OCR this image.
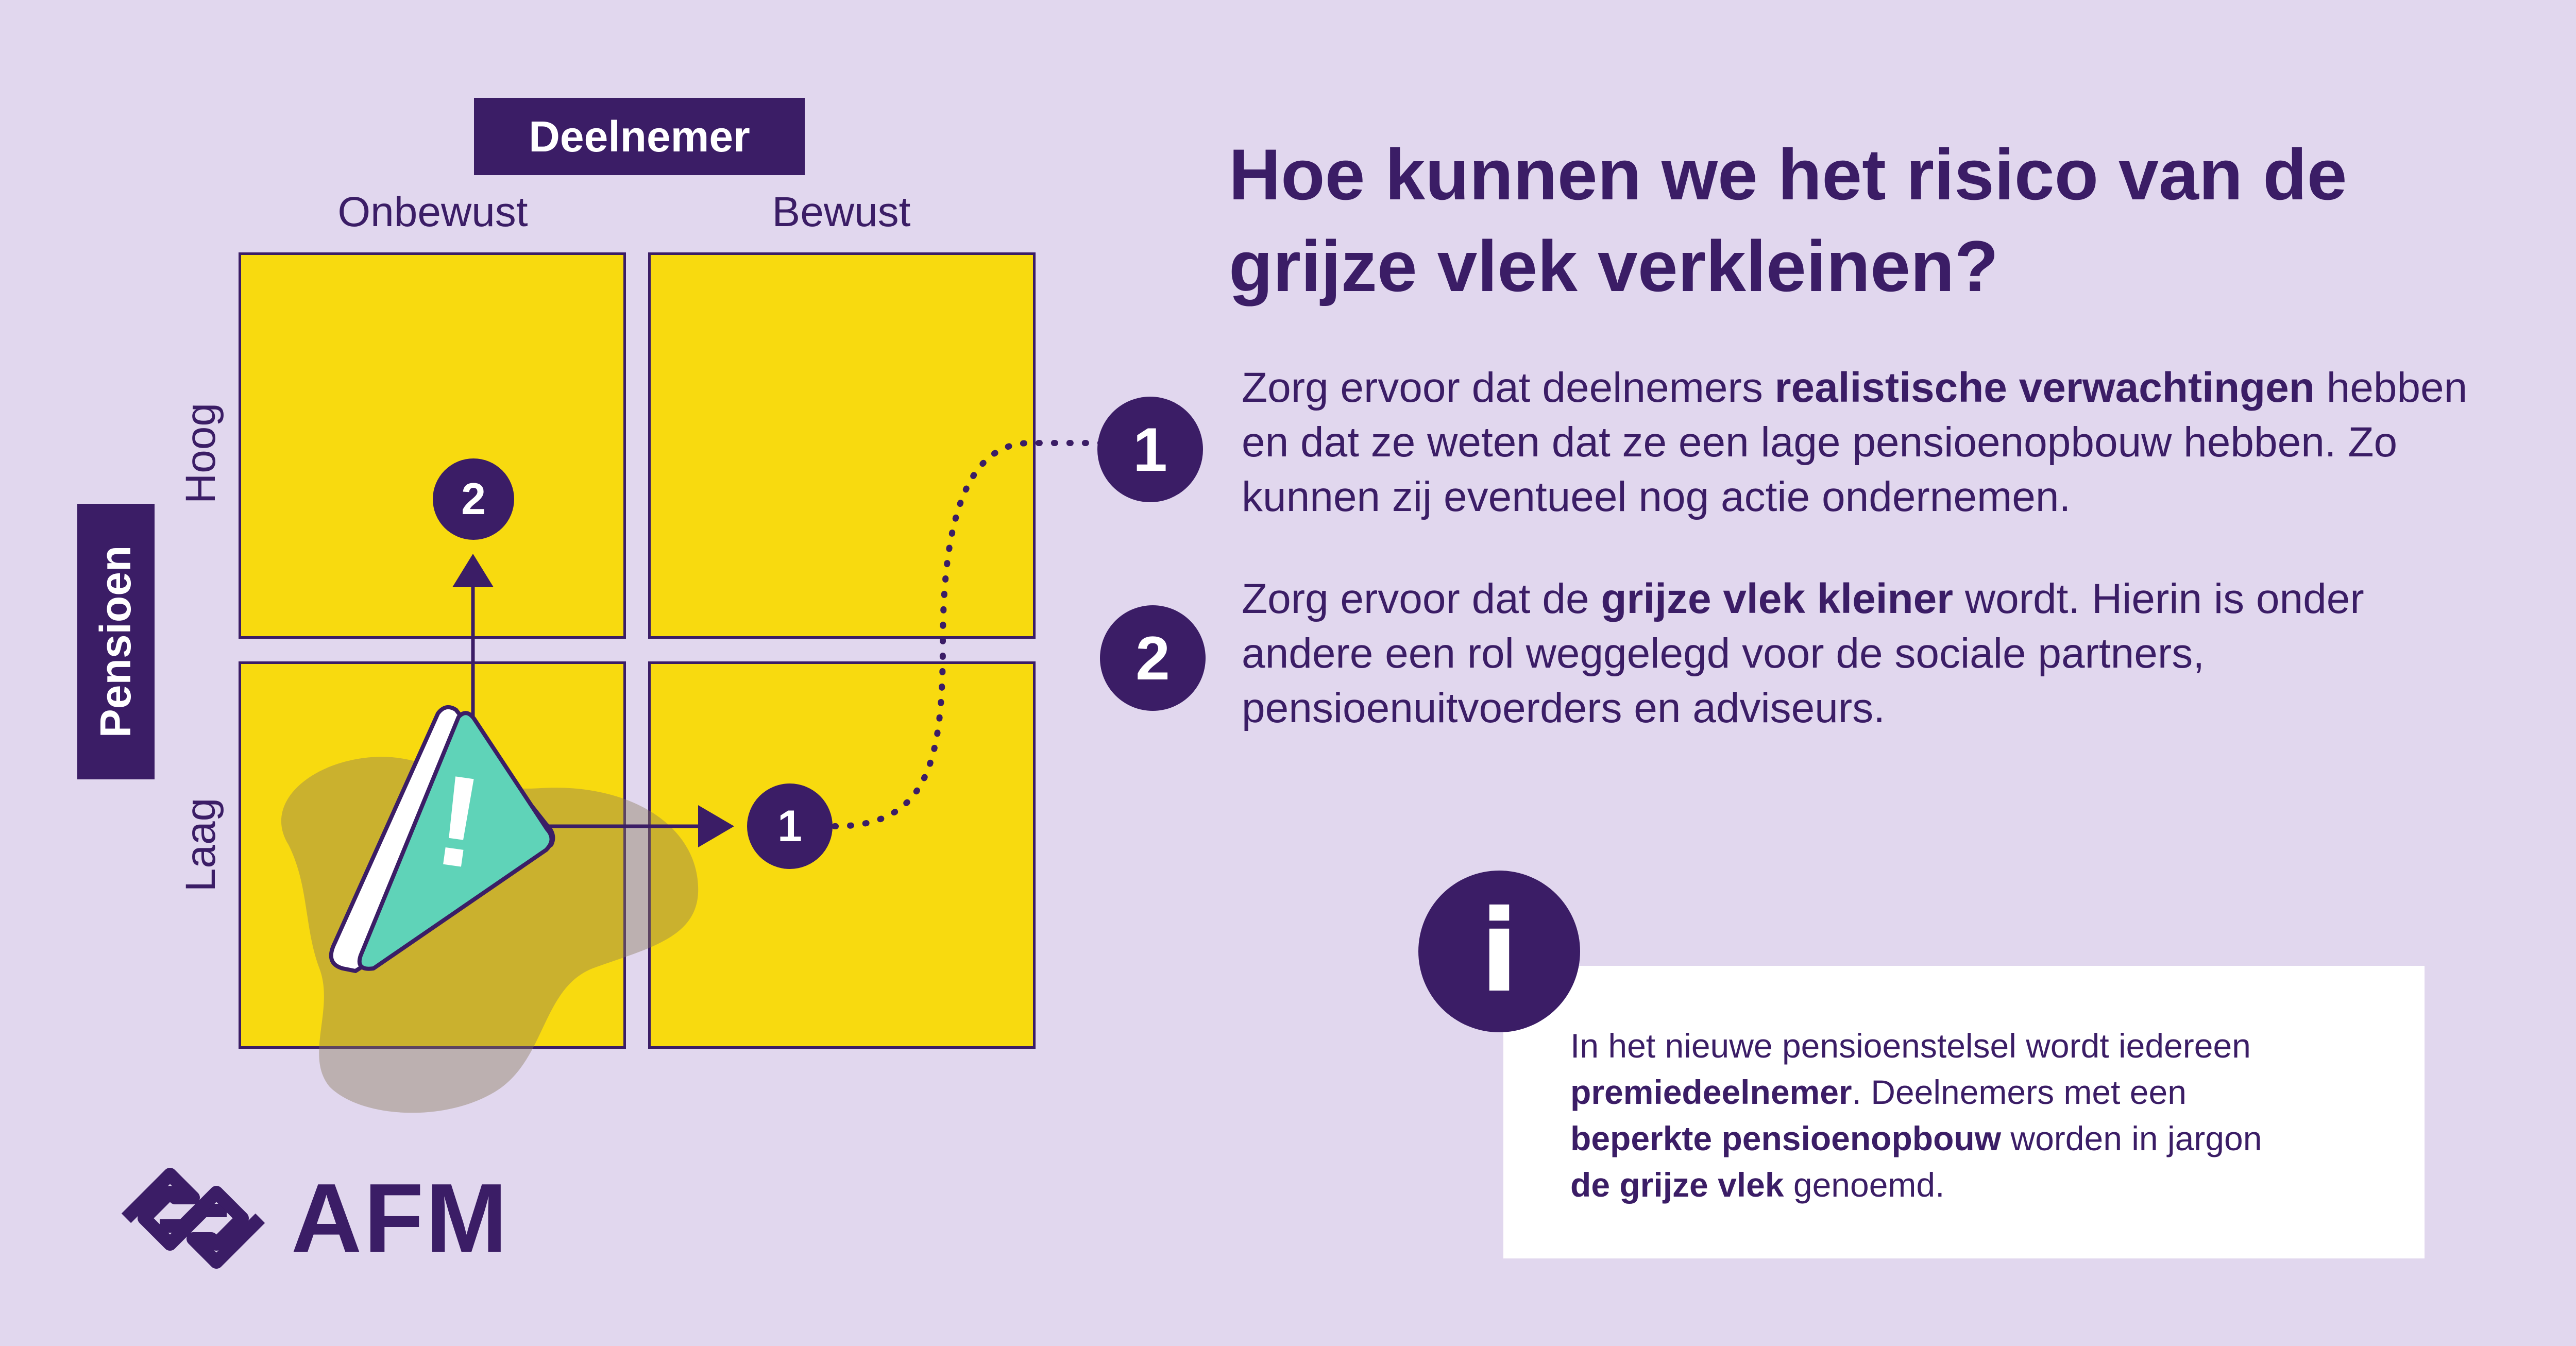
Deelnemer
Onbewust	Bewust
Pensioen
Hoog
Laag !
2
1
Hoe kunnen we het risico van de
grijze vlek verkleinen?
1
Zorg ervoor dat deelnemers realistische verwachtingen hebben en dat ze weten dat ze een lage pensioenopbouw hebben. Zo kunnen zij eventueel nog actie ondernemen.
2
Zorg ervoor dat de grijze vlek kleiner wordt. Hierin is onder andere een rol weggelegd voor de sociale partners, pensioenuitvoerders en adviseurs.
i
In het nieuwe pensioenstelsel wordt iedereen
premiedeelnemer. Deelnemers met een
beperkte pensioenopbouw worden in jargon
de grijze vlek genoemd.
AFM
